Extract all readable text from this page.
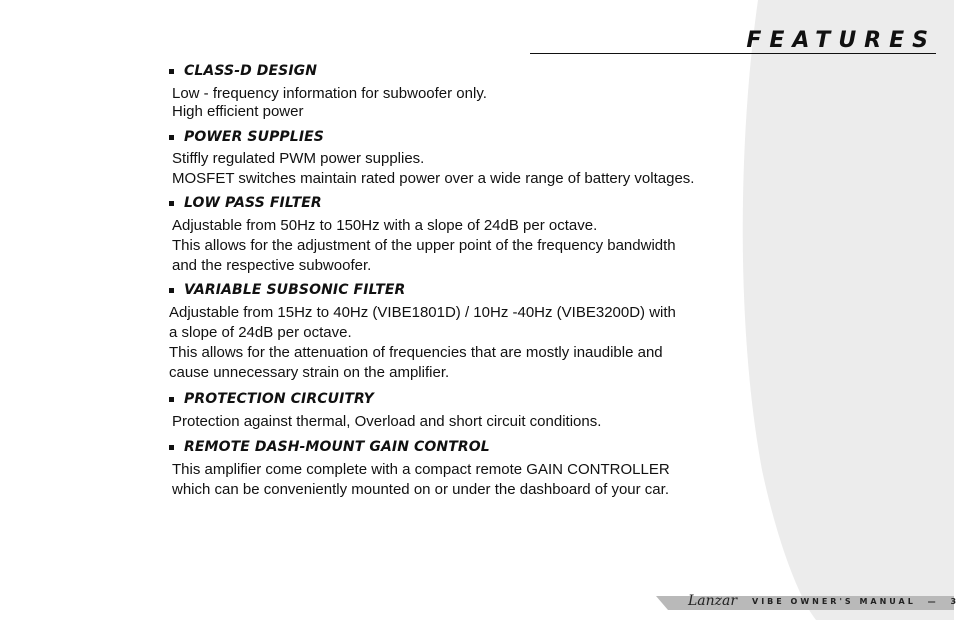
FEATURES
CLASS-D DESIGN
Low - frequency information for subwoofer only.
High efficient power
POWER SUPPLIES
Stiffly regulated PWM power supplies.
MOSFET switches maintain rated power over a wide range of battery voltages.
LOW PASS FILTER
Adjustable from 50Hz to 150Hz with a slope of 24dB per octave.
This allows for the adjustment of the upper point of the frequency bandwidth
and the respective subwoofer.
VARIABLE SUBSONIC FILTER
Adjustable from 15Hz to 40Hz (VIBE1801D) / 10Hz -40Hz (VIBE3200D) with
a slope of 24dB per octave.
This allows for the attenuation of frequencies that are mostly inaudible and
cause unnecessary strain on the amplifier.
PROTECTION CIRCUITRY
Protection against thermal, Overload and short circuit conditions.
REMOTE DASH-MOUNT GAIN CONTROL
This amplifier come complete with a compact remote GAIN CONTROLLER
which can be conveniently mounted on or under the dashboard of your car.
Lanzar VIBE OWNER'S MANUAL — 3
